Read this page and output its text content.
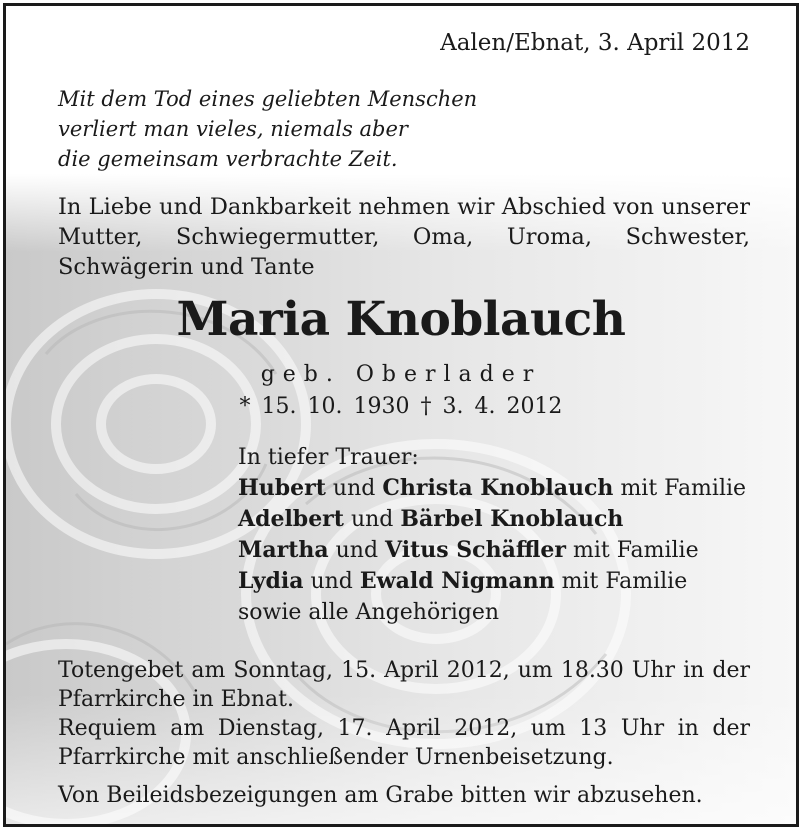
Aalen/Ebnat, 3. April 2012
Mit dem Tod eines geliebten Menschen
verliert man vieles, niemals aber
die gemeinsam verbrachte Zeit.
In Liebe und Dankbarkeit nehmen wir Abschied von unserer Mutter, Schwiegermutter, Oma, Uroma, Schwester, Schwägerin und Tante
Maria Knoblauch
geb. Oberlader
* 15. 10. 1930 † 3. 4. 2012
In tiefer Trauer:
Hubert und Christa Knoblauch mit Familie
Adelbert und Bärbel Knoblauch
Martha und Vitus Schäffler mit Familie
Lydia und Ewald Nigmann mit Familie
sowie alle Angehörigen

Totengebet am Sonntag, 15. April 2012, um 18.30 Uhr in der Pfarrkirche in Ebnat.

Requiem am Dienstag, 17. April 2012, um 13 Uhr in der Pfarrkirche mit anschließender Urnenbeisetzung.

Von Beileidsbezeigungen am Grabe bitten wir abzusehen.
